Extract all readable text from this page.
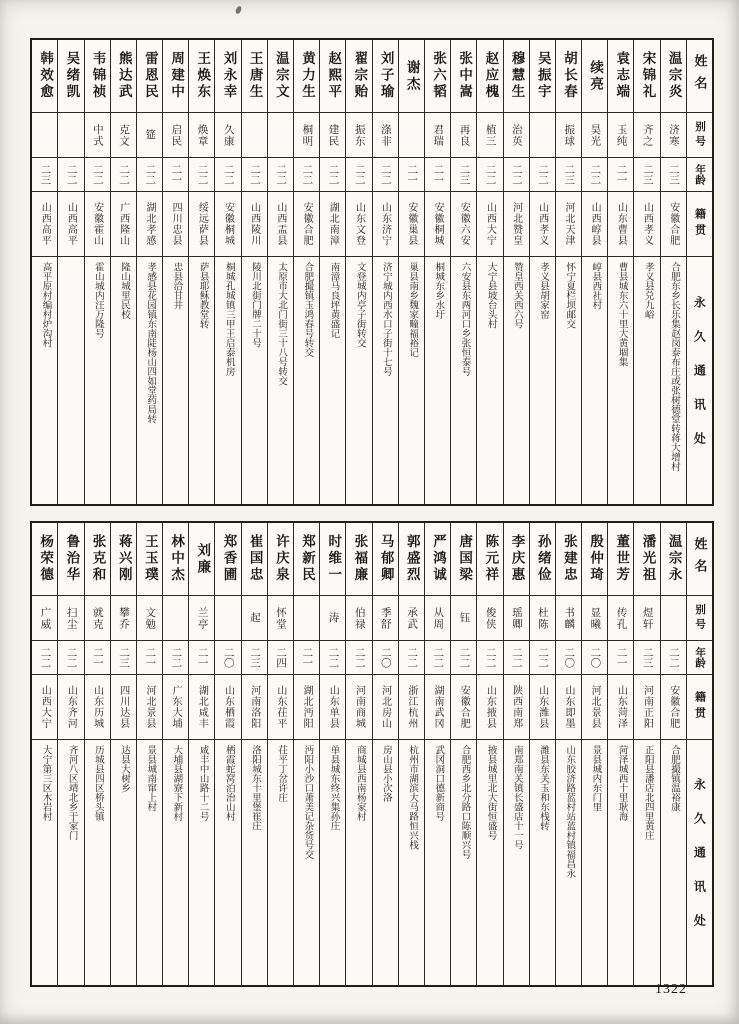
姓名
别号
年龄
籍贯
永久通讯处
温宗炎
济寒
二三
安徽合肥
合肥东乡长乐集赵岗泰布庄或张树德堂转蒋大增村
宋锦礼
齐之
二三
山西孝义
孝义县兑九峪
袁志端
玉纯
二一
山东曹县
曹县城东六十里大黄堌集
续亮
昊光
二二
山西崞县
崞县西社村
胡长春
振球
二三
河北天津
怀宁夏栏坝邮交
吴振宇
二二
山西孝义
孝义县胡家窑
穆慧生
治英
二二
河北赞皇
赞皇西关西六号
赵应槐
植三
二二
山西大宁
大宁县坡台头村
张中嵩
再良
二三
安徽六安
六安县东两河口乡张恒泰号
张六韬
君瑞
二一
安徽桐城
桐城东乡水圩
谢杰
二一
安徽巢县
巢县南乡魏家疃福裕记
刘子瑜
涤非
二二
山东济宁
济宁城内西水口子街十七号
翟宗贻
振东
二二
山东文登
文登城内亭子街转交
赵熙平
建民
二二
湖北南漳
南漳马良坪黄盛记
黄力生
桐明
二二
安徽合肥
合肥撮镇玉鸿春号转交
温宗文
二二
山西盂县
太原市大北门街三十八号转交
王唐生
二二
山西陵川
陵川北街门牌二十号
刘永幸
久康
二二
安徽桐城
桐城孔城镇三甲王启泰机房
王焕东
焕章
二二
绥远萨县
萨县耶稣教堂转
周建中
启民
二一
四川忠县
忠县洽甘井
雷恩民
筵
二二
湖北孝感
孝感县花园镇东南陡杨山四如堂药局转
熊达武
克文
二二
广西隆山
隆山城里民校
韦锦祯
中式
二二
安徽霍山
霍山城内汪万隆号
吴绪凯
二二
山西高平
韩效愈
二三
山西高平
高平原村编村炉沟村
姓名
别号
年龄
籍贯
永久通讯处
温宗永
二二
安徽合肥
合肥撮镇温裕康
潘光祖
煜轩
二三
河南正阳
正阳县潘店北四里黄庄
董世芳
传孔
二一
山东菏泽
菏泽城西十里耿海
殷仲琦
显曦
二〇
河北景县
景县城内东门里
张建忠
书麟
二〇
山东即墨
山东胶济路蓝村站蓝村镇福昌永
孙绪俭
杜陈
二二
山东潍县
潍县东关玉和东栈转
李庆惠
瑶卿
二二
陕西南郑
南郑南关镇长盛店十一号
陈元祥
俊侠
二二
山东掖县
掖县城里北大街恒盛号
唐国梁
钰
二二
安徽合肥
合肥西乡北分路口陈顺兴号
严鸿诚
从周
二二
湖南武冈
武冈洞口德新商号
郭盛烈
承武
二二
浙江杭州
杭州市湖滨大马路恒兴栈
马郁卿
季舒
二〇
河北房山
房山县小次洛
张福廉
伯禄
二二
河南商城
商城县西南杨家村
时维一
涛
二二
山东单县
单县城东终兴集孙庄
郑新民
二一
湖北沔阳
沔阳小沙口萧美记杂货号交
许庆泉
怀堂
二四
山东茌平
茌平丁岔许庄
崔国忠
起
二三
河南洛阳
洛阳城东十里堡崔庄
郑香圃
二〇
山东栖霞
栖霞蛇窝泊治山村
刘廉
兰亭
二一
湖北咸丰
咸丰中山路十二号
林中杰
二二
广东大埔
大埔县湖寮下新村
王玉璞
文勉
二一
河北景县
景县城南窜上村
蒋兴刚
攀乔
二三
四川达县
达县大树乡
张克和
就克
二一
山东历城
历城县四区桥头镇
鲁治华
扫尘
二二
山东齐河
齐河八区靖北乡于家门
杨荣德
广威
二二
山西大宁
大宁第三区木岩村
1322
